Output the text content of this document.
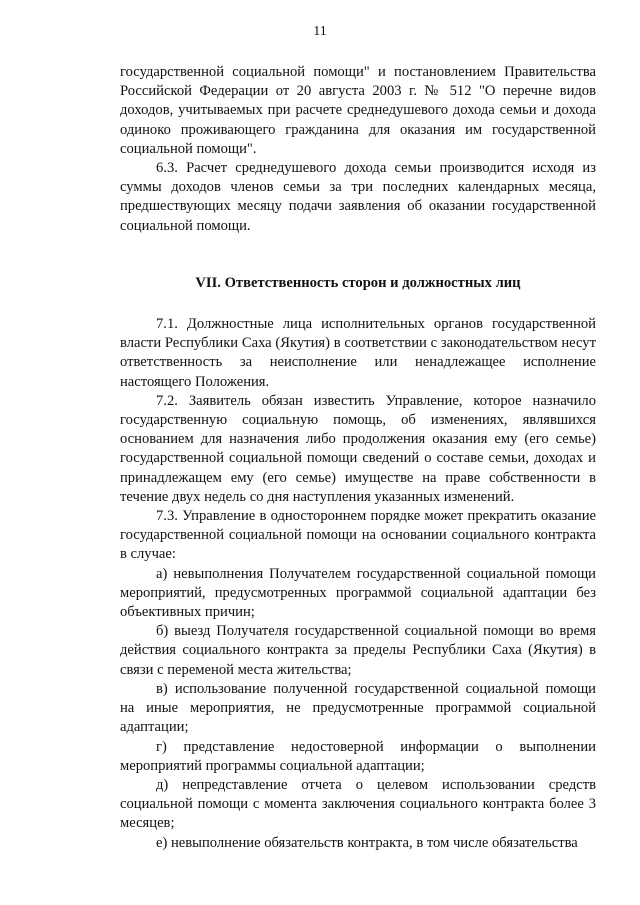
11

государственной социальной помощи" и постановлением Правительства Российской Федерации от 20 августа 2003 г. № 512 "О перечне видов доходов, учитываемых при расчете среднедушевого дохода семьи и дохода одиноко проживающего гражданина для оказания им государственной социальной помощи".

6.3. Расчет среднедушевого дохода семьи производится исходя из суммы доходов членов семьи за три последних календарных месяца, предшествующих месяцу подачи заявления об оказании государственной социальной помощи.

VII. Ответственность сторон и должностных лиц

7.1. Должностные лица исполнительных органов государственной власти Республики Саха (Якутия) в соответствии с законодательством несут ответственность за неисполнение или ненадлежащее исполнение настоящего Положения.

7.2. Заявитель обязан известить Управление, которое назначило государственную социальную помощь, об изменениях, являвшихся основанием для назначения либо продолжения оказания ему (его семье) государственной социальной помощи сведений о составе семьи, доходах и принадлежащем ему (его семье) имуществе на праве собственности в течение двух недель со дня наступления указанных изменений.

7.3. Управление в одностороннем порядке может прекратить оказание государственной социальной помощи на основании социального контракта в случае:

а) невыполнения Получателем государственной социальной помощи мероприятий, предусмотренных программой социальной адаптации без объективных причин;

б) выезд Получателя государственной социальной помощи во время действия социального контракта за пределы Республики Саха (Якутия) в связи с переменой места жительства;

в) использование полученной государственной социальной помощи на иные мероприятия, не предусмотренные программой социальной адаптации;

г) представление недостоверной информации о выполнении мероприятий программы социальной адаптации;

д) непредставление отчета о целевом использовании средств социальной помощи с момента заключения социального контракта более 3 месяцев;

е) невыполнение обязательств контракта, в том числе обязательства
